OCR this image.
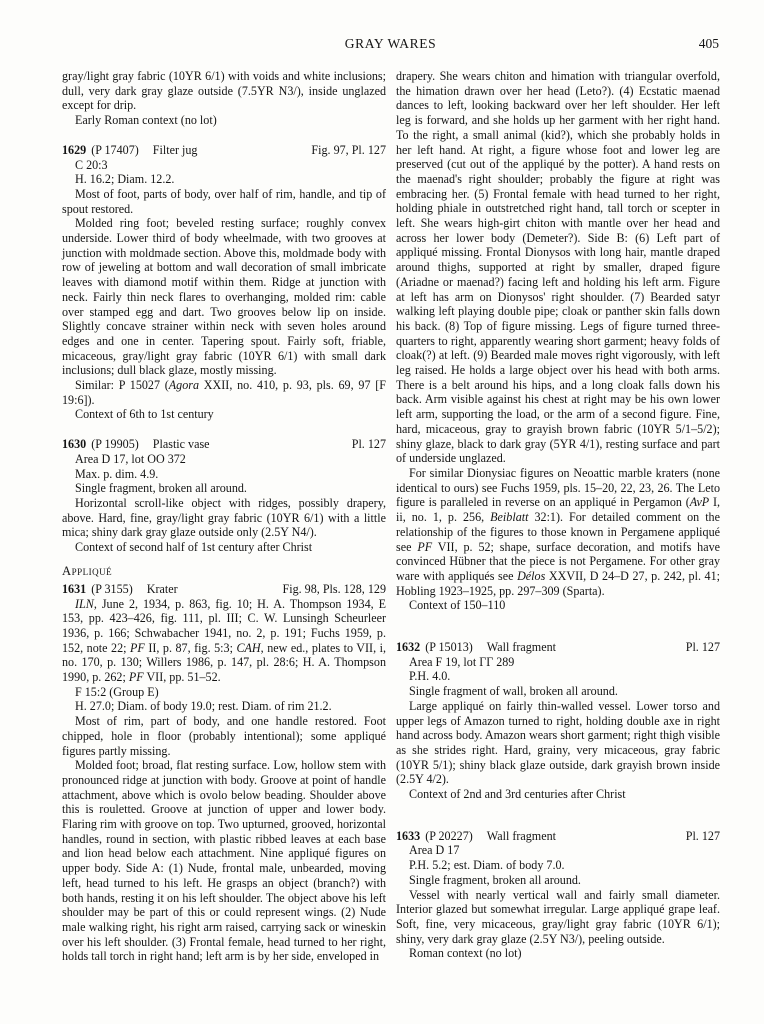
GRAY WARES	405

gray/light gray fabric (10YR 6/1) with voids and white inclusions; dull, very dark gray glaze outside (7.5YR N3/), inside unglazed except for drip.

Early Roman context (no lot)

1629 (P 17407) Filter jug	Fig. 97, Pl. 127

C 20:3

H. 16.2; Diam. 12.2.

Most of foot, parts of body, over half of rim, handle, and tip of spout restored.

Molded ring foot; beveled resting surface; roughly convex underside. Lower third of body wheelmade, with two grooves at junction with moldmade section. Above this, moldmade body with row of jeweling at bottom and wall decoration of small imbricate leaves with diamond motif within them. Ridge at junction with neck. Fairly thin neck flares to overhanging, molded rim: cable over stamped egg and dart. Two grooves below lip on inside. Slightly concave strainer within neck with seven holes around edges and one in center. Tapering spout. Fairly soft, friable, micaceous, gray/light gray fabric (10YR 6/1) with small dark inclusions; dull black glaze, mostly missing.

Similar: P 15027 (Agora XXII, no. 410, p. 93, pls. 69, 97 [F 19:6]).

Context of 6th to 1st century

1630 (P 19905) Plastic vase	Pl. 127

Area D 17, lot OO 372

Max. p. dim. 4.9.

Single fragment, broken all around.

Horizontal scroll-like object with ridges, possibly drapery, above. Hard, fine, gray/light gray fabric (10YR 6/1) with a little mica; shiny dark gray glaze outside only (2.5Y N4/).

Context of second half of 1st century after Christ

Appliqué
1631 (P 3155) Krater	Fig. 98, Pls. 128, 129

ILN, June 2, 1934, p. 863, fig. 10; H. A. Thompson 1934, E 153, pp. 423–426, fig. 111, pl. III; C. W. Lunsingh Scheurleer 1936, p. 166; Schwabacher 1941, no. 2, p. 191; Fuchs 1959, p. 152, note 22; PF II, p. 87, fig. 5:3; CAH, new ed., plates to VII, i, no. 170, p. 130; Willers 1986, p. 147, pl. 28:6; H. A. Thompson 1990, p. 262; PF VII, pp. 51–52.

F 15:2 (Group E)

H. 27.0; Diam. of body 19.0; rest. Diam. of rim 21.2.

Most of rim, part of body, and one handle restored. Foot chipped, hole in floor (probably intentional); some appliqué figures partly missing.

Molded foot; broad, flat resting surface. Low, hollow stem with pronounced ridge at junction with body. Groove at point of handle attachment, above which is ovolo below beading. Shoulder above this is rouletted. Groove at junction of upper and lower body. Flaring rim with groove on top. Two upturned, grooved, horizontal handles, round in section, with plastic ribbed leaves at each base and lion head below each attachment. Nine appliqué figures on upper body. Side A: (1) Nude, frontal male, unbearded, moving left, head turned to his left. He grasps an object (branch?) with both hands, resting it on his left shoulder. The object above his left shoulder may be part of this or could represent wings. (2) Nude male walking right, his right arm raised, carrying sack or wineskin over his left shoulder. (3) Frontal female, head turned to her right, holds tall torch in right hand; left arm is by her side, enveloped in

drapery. She wears chiton and himation with triangular overfold, the himation drawn over her head (Leto?). (4) Ecstatic maenad dances to left, looking backward over her left shoulder. Her left leg is forward, and she holds up her garment with her right hand. To the right, a small animal (kid?), which she probably holds in her left hand. At right, a figure whose foot and lower leg are preserved (cut out of the appliqué by the potter). A hand rests on the maenad's right shoulder; probably the figure at right was embracing her. (5) Frontal female with head turned to her right, holding phiale in outstretched right hand, tall torch or scepter in left. She wears high-girt chiton with mantle over her head and across her lower body (Demeter?). Side B: (6) Left part of appliqué missing. Frontal Dionysos with long hair, mantle draped around thighs, supported at right by smaller, draped figure (Ariadne or maenad?) facing left and holding his left arm. Figure at left has arm on Dionysos' right shoulder. (7) Bearded satyr walking left playing double pipe; cloak or panther skin falls down his back. (8) Top of figure missing. Legs of figure turned three-quarters to right, apparently wearing short garment; heavy folds of cloak(?) at left. (9) Bearded male moves right vigorously, with left leg raised. He holds a large object over his head with both arms. There is a belt around his hips, and a long cloak falls down his back. Arm visible against his chest at right may be his own lower left arm, supporting the load, or the arm of a second figure. Fine, hard, micaceous, gray to grayish brown fabric (10YR 5/1–5/2); shiny glaze, black to dark gray (5YR 4/1), resting surface and part of underside unglazed.

For similar Dionysiac figures on Neoattic marble kraters (none identical to ours) see Fuchs 1959, pls. 15–20, 22, 23, 26. The Leto figure is paralleled in reverse on an appliqué in Pergamon (AvP I, ii, no. 1, p. 256, Beiblatt 32:1). For detailed comment on the relationship of the figures to those known in Pergamene appliqué see PF VII, p. 52; shape, surface decoration, and motifs have convinced Hübner that the piece is not Pergamene. For other gray ware with appliqués see Délos XXVII, D 24–D 27, p. 242, pl. 41; Hobling 1923–1925, pp. 297–309 (Sparta).

Context of 150–110

1632 (P 15013) Wall fragment	Pl. 127

Area F 19, lot ΓΓ 289

P.H. 4.0.

Single fragment of wall, broken all around.

Large appliqué on fairly thin-walled vessel. Lower torso and upper legs of Amazon turned to right, holding double axe in right hand across body. Amazon wears short garment; right thigh visible as she strides right. Hard, grainy, very micaceous, gray fabric (10YR 5/1); shiny black glaze outside, dark grayish brown inside (2.5Y 4/2).

Context of 2nd and 3rd centuries after Christ

1633 (P 20227) Wall fragment	Pl. 127

Area D 17

P.H. 5.2; est. Diam. of body 7.0.

Single fragment, broken all around.

Vessel with nearly vertical wall and fairly small diameter. Interior glazed but somewhat irregular. Large appliqué grape leaf. Soft, fine, very micaceous, gray/light gray fabric (10YR 6/1); shiny, very dark gray glaze (2.5Y N3/), peeling outside.

Roman context (no lot)
